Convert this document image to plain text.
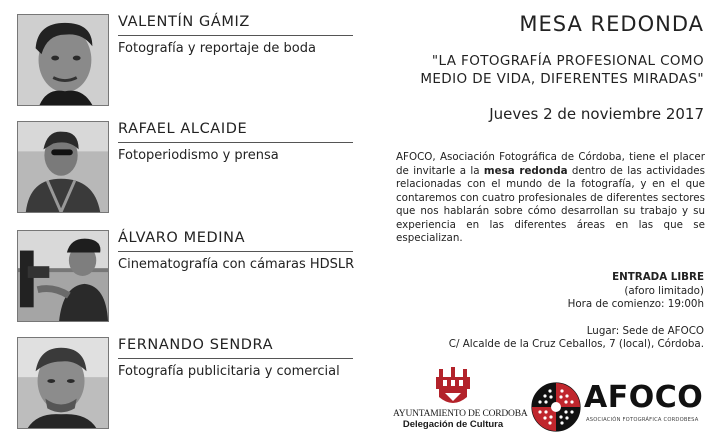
VALENTÍN GÁMIZ
Fotografía y reportaje de boda
RAFAEL ALCAIDE
Fotoperiodismo y prensa
ÁLVARO MEDINA
Cinematografía con cámaras HDSLR
FERNANDO SENDRA
Fotografía publicitaria y comercial
MESA REDONDA
"LA FOTOGRAFÍA PROFESIONAL COMO
MEDIO DE VIDA, DIFERENTES MIRADAS"
Jueves 2 de noviembre 2017
AFOCO, Asociación Fotográfica de Córdoba, tiene el placer de invitarle a la mesa redonda dentro de las actividades relacionadas con el mundo de la fotografía, y en el que contaremos con cuatro profesionales de diferentes sectores que nos hablarán sobre cómo desarrollan su trabajo y su experiencia en las diferentes áreas en las que se especializan.
ENTRADA LIBRE
(aforo limitado)
Hora de comienzo: 19:00h
Lugar: Sede de AFOCO
C/ Alcalde de la Cruz Ceballos, 7 (local), Córdoba.
AYUNTAMIENTO DE CORDOBA
Delegación de Cultura
AFOCO
ASOCIACIÓN FOTOGRÁFICA CORDOBESA
